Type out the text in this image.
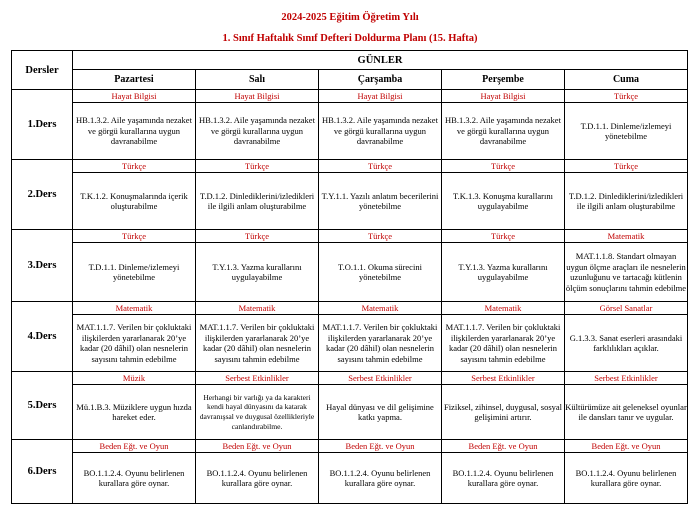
2024-2025 Eğitim Öğretim Yılı
1. Sınıf Haftalık Sınıf Defteri Doldurma Planı (15. Hafta)
Dersler	GÜNLER				
	Pazartesi	Salı	Çarşamba	Perşembe	Cuma
1.Ders	Hayat Bilgisi	Hayat Bilgisi	Hayat Bilgisi	Hayat Bilgisi	Türkçe
	HB.1.3.2. Aile yaşamında nezaket ve görgü kurallarına uygun davranabilme	HB.1.3.2. Aile yaşamında nezaket ve görgü kurallarına uygun davranabilme	HB.1.3.2. Aile yaşamında nezaket ve görgü kurallarına uygun davranabilme	HB.1.3.2. Aile yaşamında nezaket ve görgü kurallarına uygun davranabilme	T.D.1.1. Dinleme/izlemeyi yönetebilme
2.Ders	Türkçe	Türkçe	Türkçe	Türkçe	Türkçe
	T.K.1.2. Konuşmalarında içerik oluşturabilme	T.D.1.2. Dinlediklerini/izledikleri ile ilgili anlam oluşturabilme	T.Y.1.1. Yazılı anlatım becerilerini yönetebilme	T.K.1.3. Konuşma kurallarını uygulayabilme	T.D.1.2. Dinlediklerini/izledikleri ile ilgili anlam oluşturabilme
3.Ders	Türkçe	Türkçe	Türkçe	Türkçe	Matematik
	T.D.1.1. Dinleme/izlemeyi yönetebilme	T.Y.1.3. Yazma kurallarını uygulayabilme	T.O.1.1. Okuma sürecini yönetebilme	T.Y.1.3. Yazma kurallarını uygulayabilme	MAT.1.1.8. Standart olmayan uygun ölçme araçları ile nesnelerin uzunluğunu ve tartacağı kütlenin ölçüm sonuçlarını tahmin edebilme
4.Ders	Matematik	Matematik	Matematik	Matematik	Görsel Sanatlar
	MAT.1.1.7. Verilen bir çokluktaki ilişkilerden yararlanarak 20’ye kadar (20 dâhil) olan nesnelerin sayısını tahmin edebilme	MAT.1.1.7. Verilen bir çokluktaki ilişkilerden yararlanarak 20’ye kadar (20 dâhil) olan nesnelerin sayısını tahmin edebilme	MAT.1.1.7. Verilen bir çokluktaki ilişkilerden yararlanarak 20’ye kadar (20 dâhil) olan nesnelerin sayısını tahmin edebilme	MAT.1.1.7. Verilen bir çokluktaki ilişkilerden yararlanarak 20’ye kadar (20 dâhil) olan nesnelerin sayısını tahmin edebilme	G.1.3.3. Sanat eserleri arasındaki farklılıkları açıklar.
5.Ders	Müzik	Serbest Etkinlikler	Serbest Etkinlikler	Serbest Etkinlikler	Serbest Etkinlikler
	Mü.1.B.3. Müziklere uygun hızda hareket eder.	Herhangi bir varlığı ya da karakteri kendi hayal dünyasını da katarak davranışsal ve duygusal özellikleriyle canlandırabilme.	Hayal dünyası ve dil gelişimine katkı yapma.	Fiziksel, zihinsel, duygusal, sosyal gelişimini artırır.	Kültürümüze ait geleneksel oyunlar ile dansları tanır ve uygular.
6.Ders	Beden Eğt. ve Oyun	Beden Eğt. ve Oyun	Beden Eğt. ve Oyun	Beden Eğt. ve Oyun	Beden Eğt. ve Oyun
	BO.1.1.2.4. Oyunu belirlenen kurallara göre oynar.	BO.1.1.2.4. Oyunu belirlenen kurallara göre oynar.	BO.1.1.2.4. Oyunu belirlenen kurallara göre oynar.	BO.1.1.2.4. Oyunu belirlenen kurallara göre oynar.	BO.1.1.2.4. Oyunu belirlenen kurallara göre oynar.
